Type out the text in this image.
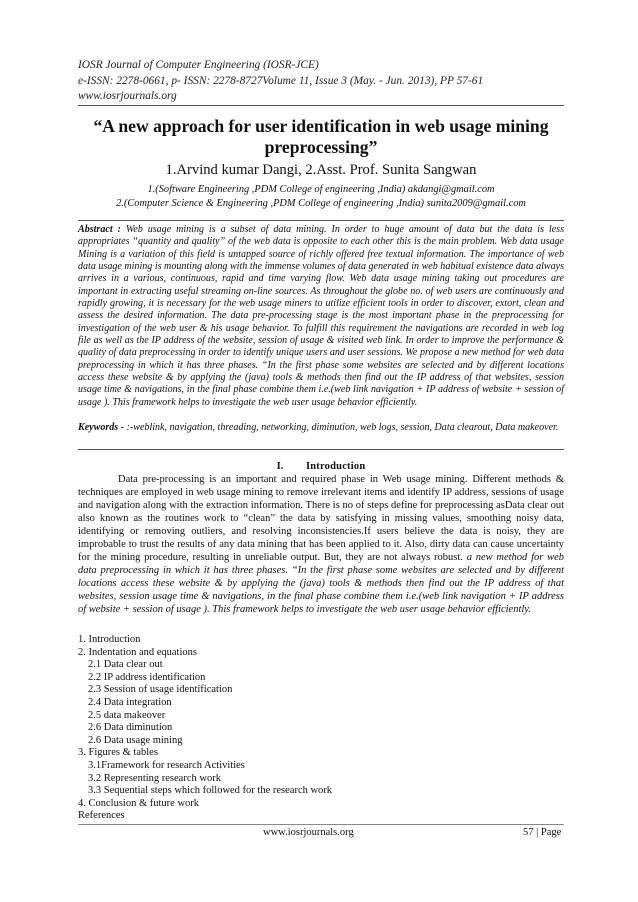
IOSR Journal of Computer Engineering (IOSR-JCE)
e-ISSN: 2278-0661, p- ISSN: 2278-8727Volume 11, Issue 3 (May. - Jun. 2013), PP 57-61
www.iosrjournals.org
“A new approach for user identification in web usage mining
preprocessing”
1.Arvind kumar Dangi, 2.Asst. Prof. Sunita Sangwan
1.(Software Engineering ,PDM College of engineering ,India) akdangi@gmail.com
2.(Computer Science & Engineering ,PDM College of engineering ,India) sunita2009@gmail.com
Abstract : Web usage mining is a subset of data mining. In order to huge amount of data but the data is less appropriates “quantity and quality” of the web data is opposite to each other this is the main problem. Web data usage Mining is a variation of this field is untapped source of richly offered free textual information. The importance of web data usage mining is mounting along with the immense volumes of data generated in web habitual existence data always arrives in a various, continuous, rapid and time varying flow. Web data usage mining taking out procedures are important in extracting useful streaming on-line sources. As throughout the globe no. of web users are continuously and rapidly growing, it is necessary for the web usage miners to utilize efficient tools in order to discover, extort, clean and assess the desired information. The data pre-processing stage is the most important phase in the preprocessing for investigation of the web user & his usage behavior. To fulfill this requirement the navigations are recorded in web log file as well as the IP address of the website, session of usage & visited web link. In order to improve the performance & quality of data preprocessing in order to identify unique users and user sessions. We propose a new method for web data preprocessing in which it has three phases. “In the first phase some websites are selected and by different locations access these website & by applying the (java) tools & methods then find out the IP address of that websites, session usage time & navigations, in the final phase combine them i.e.(web link navigation + IP address of website + session of usage ). This framework helps to investigate the web user usage behavior efficiently.
Keywords - :-weblink, navigation, threading, networking, diminution, web logs, session, Data clearout, Data makeover.
I. Introduction
Data pre-processing is an important and required phase in Web usage mining. Different methods & techniques are employed in web usage mining to remove irrelevant items and identify IP address, sessions of usage and navigation along with the extraction information. There is no of steps define for preprocessing asData clear out also known as the routines work to “clean” the data by satisfying in missing values, smoothing noisy data, identifying or removing outliers, and resolving inconsistencies.If users believe the data is noisy, they are improbable to trust the results of any data mining that has been applied to it. Also, dirty data can cause uncertainty for the mining procedure, resulting in unreliable output. But, they are not always robust. a new method for web data preprocessing in which it has three phases. “In the first phase some websites are selected and by different locations access these website & by applying the (java) tools & methods then find out the IP address of that websites, session usage time & navigations, in the final phase combine them i.e.(web link navigation + IP address of website + session of usage ). This framework helps to investigate the web user usage behavior efficiently.
1. Introduction
2. Indentation and equations
2.1 Data clear out
2.2 IP address identification
2.3 Session of usage identification
2.4 Data integration
2.5 data makeover
2.6 Data diminution
2.6 Data usage mining
3. Figures & tables
3.1Framework for research Activities
3.2 Representing research work
3.3 Sequential steps which followed for the research work
4. Conclusion & future work
References
www.iosrjournals.org	57 | Page
